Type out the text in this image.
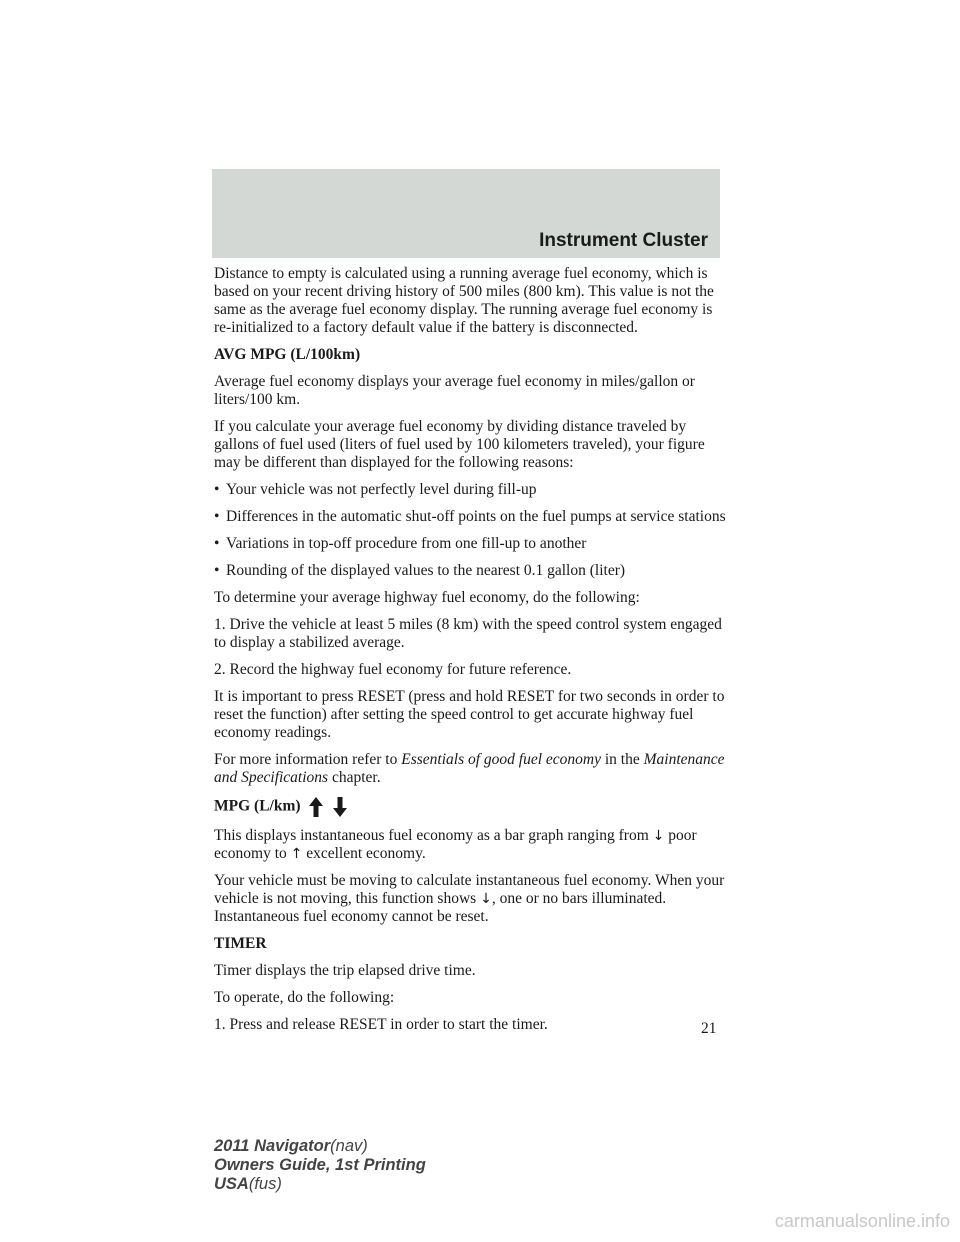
Instrument Cluster

Distance to empty is calculated using a running average fuel economy, which is based on your recent driving history of 500 miles (800 km). This value is not the same as the average fuel economy display. The running average fuel economy is re-initialized to a factory default value if the battery is disconnected.

AVG MPG (L/100km)

Average fuel economy displays your average fuel economy in miles/gallon or liters/100 km.

If you calculate your average fuel economy by dividing distance traveled by gallons of fuel used (liters of fuel used by 100 kilometers traveled), your figure may be different than displayed for the following reasons:

• Your vehicle was not perfectly level during fill-up
• Differences in the automatic shut-off points on the fuel pumps at service stations
• Variations in top-off procedure from one fill-up to another
• Rounding of the displayed values to the nearest 0.1 gallon (liter)

To determine your average highway fuel economy, do the following:

1. Drive the vehicle at least 5 miles (8 km) with the speed control system engaged to display a stabilized average.

2. Record the highway fuel economy for future reference.

It is important to press RESET (press and hold RESET for two seconds in order to reset the function) after setting the speed control to get accurate highway fuel economy readings.

For more information refer to Essentials of good fuel economy in the Maintenance and Specifications chapter.

MPG (L/km)

This displays instantaneous fuel economy as a bar graph ranging from ↓ poor economy to ↑ excellent economy.

Your vehicle must be moving to calculate instantaneous fuel economy. When your vehicle is not moving, this function shows ↓, one or no bars illuminated. Instantaneous fuel economy cannot be reset.

TIMER

Timer displays the trip elapsed drive time.

To operate, do the following:

1. Press and release RESET in order to start the timer.	21
2011 Navigator(nav)
Owners Guide, 1st Printing
USA(fus)
carmanualsonline.info
